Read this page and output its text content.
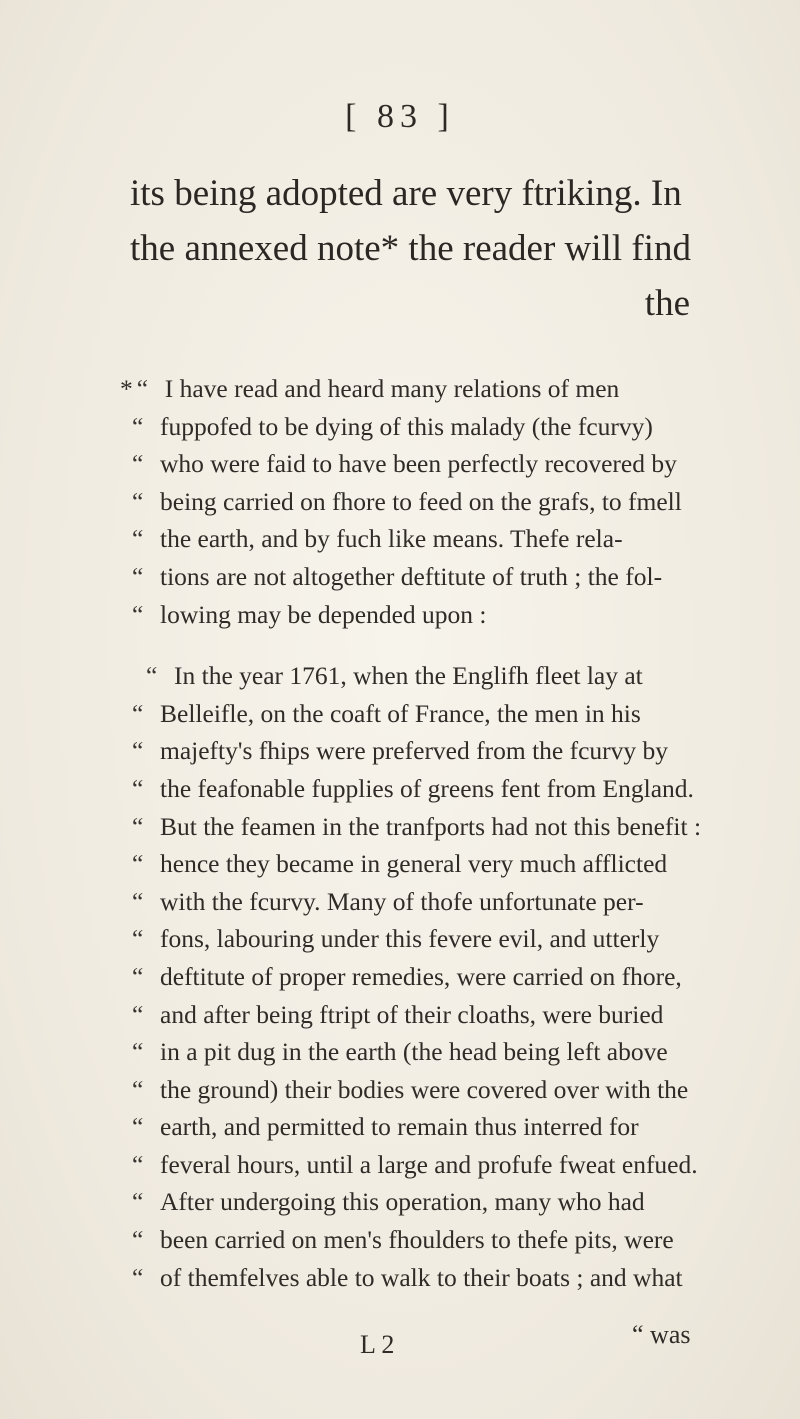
[ 83 ]
its being adopted are very ftriking. In
the annexed note* the reader will find
the
* “ I have read and heard many relations of men
“ fuppofed to be dying of this malady (the fcurvy)
“ who were faid to have been perfectly recovered by
“ being carried on fhore to feed on the grafs, to fmell
“ the earth, and by fuch like means. Thefe rela-
“ tions are not altogether deftitute of truth ; the fol-
“ lowing may be depended upon :
“ In the year 1761, when the Englifh fleet lay at
“ Belleifle, on the coaft of France, the men in his
“ majefty's fhips were preferved from the fcurvy by
“ the feafonable fupplies of greens fent from England.
“ But the feamen in the tranfports had not this benefit :
“ hence they became in general very much afflicted
“ with the fcurvy. Many of thofe unfortunate per-
“ fons, labouring under this fevere evil, and utterly
“ deftitute of proper remedies, were carried on fhore,
“ and after being ftript of their cloaths, were buried
“ in a pit dug in the earth (the head being left above
“ the ground) their bodies were covered over with the
“ earth, and permitted to remain thus interred for
“ feveral hours, until a large and profufe fweat enfued.
“ After undergoing this operation, many who had
“ been carried on men's fhoulders to thefe pits, were
“ of themfelves able to walk to their boats ; and what
L 2	“ was
